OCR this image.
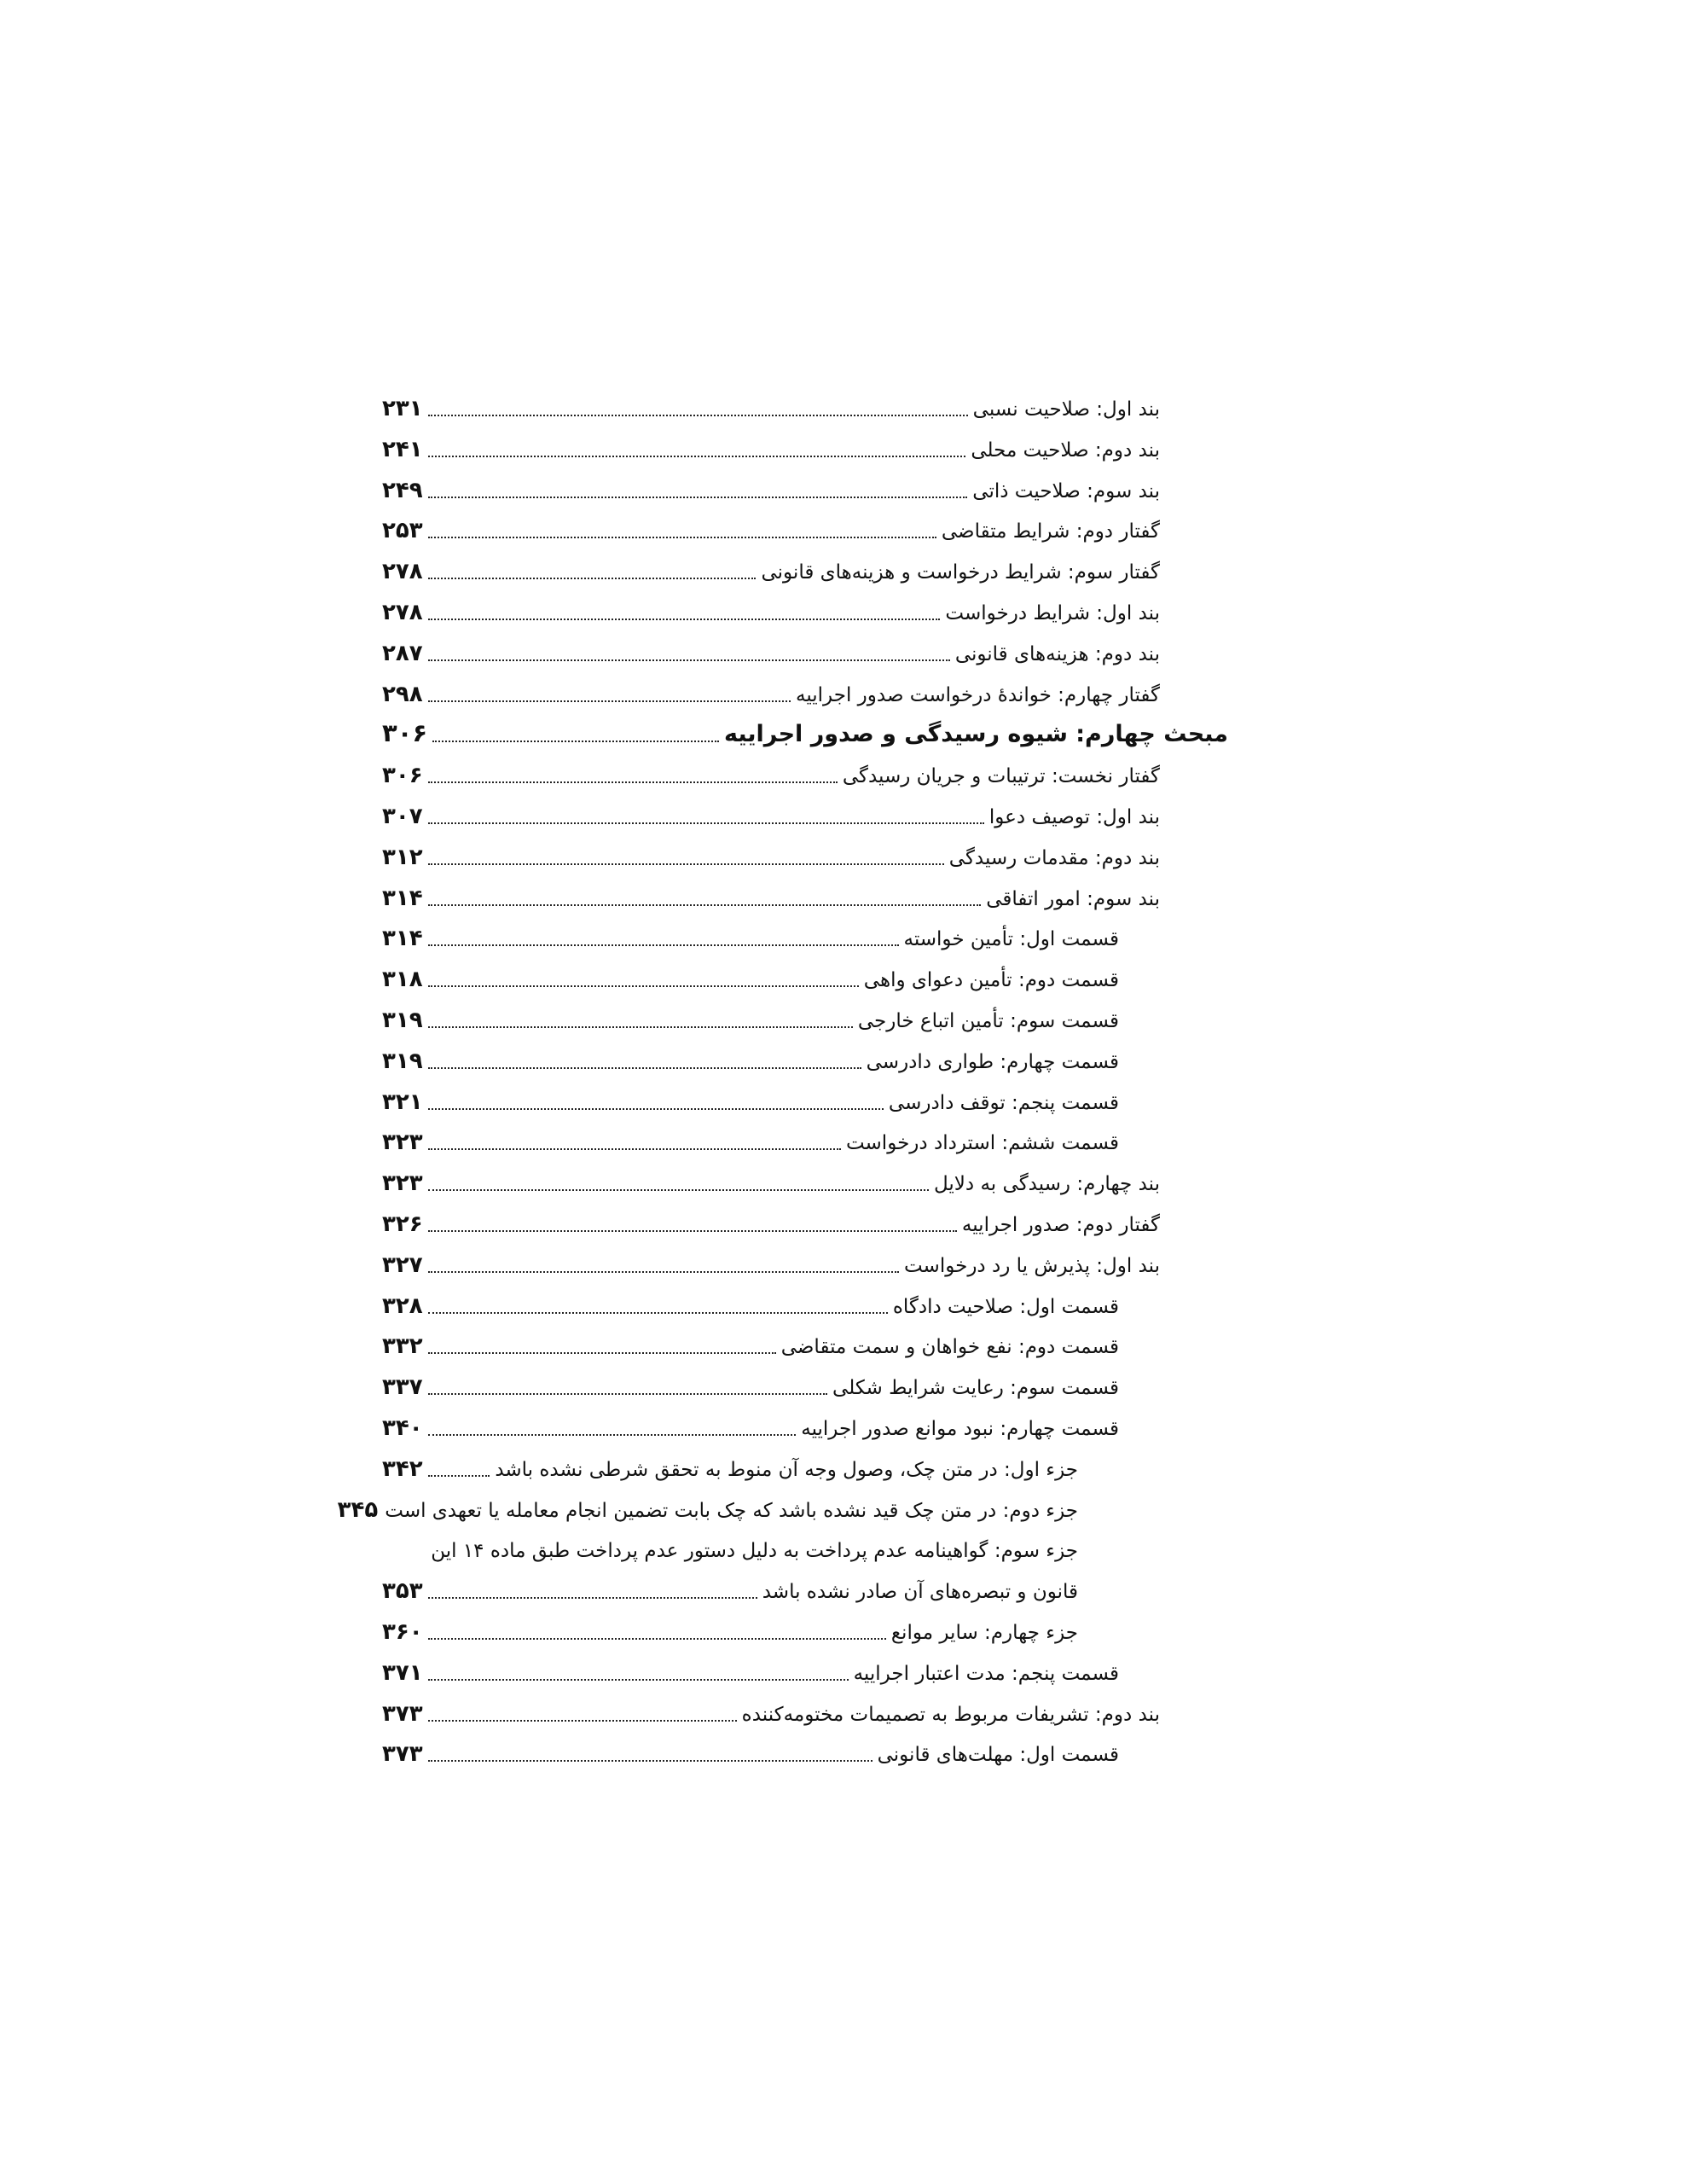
بند اول: صلاحیت نسبی
۲۳۱
بند دوم: صلاحیت محلی
۲۴۱
بند سوم: صلاحیت ذاتی
۲۴۹
گفتار دوم: شرایط متقاضی
۲۵۳
گفتار سوم: شرایط درخواست و هزینه‌های قانونی
۲۷۸
بند اول: شرایط درخواست
۲۷۸
بند دوم: هزینه‌های قانونی
۲۸۷
گفتار چهارم: خواندهٔ درخواست صدور اجراییه
۲۹۸
مبحث چهارم: شیوه رسیدگی و صدور اجراییه
۳۰۶
گفتار نخست: ترتیبات و جریان رسیدگی
۳۰۶
بند اول: توصیف دعوا
۳۰۷
بند دوم: مقدمات رسیدگی
۳۱۲
بند سوم: امور اتفاقی
۳۱۴
قسمت اول: تأمین خواسته
۳۱۴
قسمت دوم: تأمین دعوای واهی
۳۱۸
قسمت سوم: تأمین اتباع خارجی
۳۱۹
قسمت چهارم: طواری دادرسی
۳۱۹
قسمت پنجم: توقف دادرسی
۳۲۱
قسمت ششم: استرداد درخواست
۳۲۳
بند چهارم: رسیدگی به دلایل
۳۲۳
گفتار دوم: صدور اجراییه
۳۲۶
بند اول: پذیرش یا رد درخواست
۳۲۷
قسمت اول: صلاحیت دادگاه
۳۲۸
قسمت دوم: نفع خواهان و سمت متقاضی
۳۳۲
قسمت سوم: رعایت شرایط شکلی
۳۳۷
قسمت چهارم: نبود موانع صدور اجراییه
۳۴۰
جزء اول: در متن چک، وصول وجه آن منوط به تحقق شرطی نشده باشد
۳۴۲
جزء دوم: در متن چک قید نشده باشد که چک بابت تضمین انجام معامله یا تعهدی است
۳۴۵
جزء سوم: گواهینامه عدم پرداخت به دلیل دستور عدم پرداخت طبق ماده ۱۴ این
قانون و تبصره‌های آن صادر نشده باشد
۳۵۳
جزء چهارم: سایر موانع
۳۶۰
قسمت پنجم: مدت اعتبار اجراییه
۳۷۱
بند دوم: تشریفات مربوط به تصمیمات مختومه‌کننده
۳۷۳
قسمت اول: مهلت‌های قانونی
۳۷۳
